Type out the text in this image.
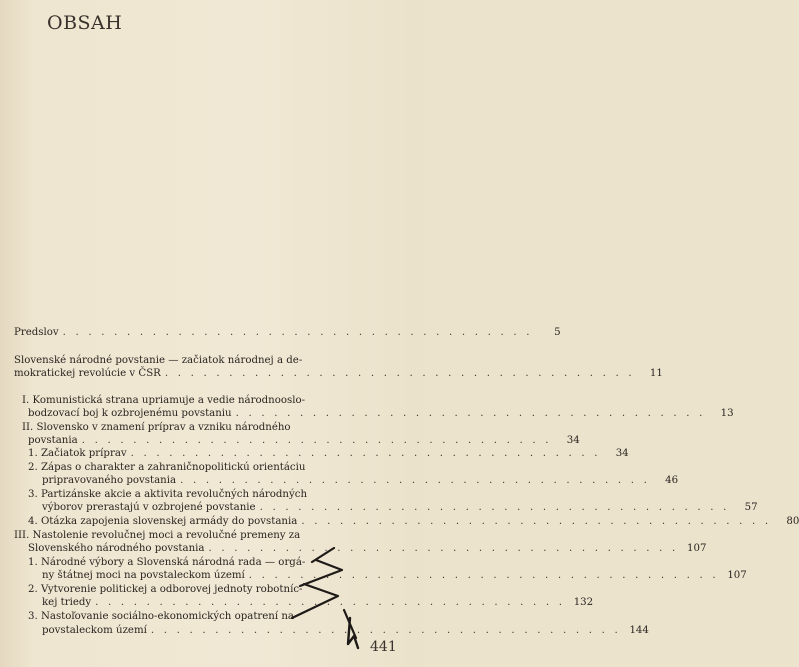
OBSAH
Predslov . . . . . . . . . . . . . . . . . . . . . . . . . . . . . . . . . . . . .	5
Slovenské národné povstanie — začiatok národnej a de-
mokratickej revolúcie v ČSR . . . . . . . . . . . . . . . . . . . . . . . . . . . . . . . . . . . . .	11
I. Komunistická strana upriamuje a vedie národnooslo-
bodzovací boj k ozbrojenému povstaniu . . . . . . . . . . . . . . . . . . . . . . . . . . . . . . . . . . . . .	13
II. Slovensko v znamení príprav a vzniku národného
povstania . . . . . . . . . . . . . . . . . . . . . . . . . . . . . . . . . . . . .	34
1. Začiatok príprav . . . . . . . . . . . . . . . . . . . . . . . . . . . . . . . . . . . . .	34
2. Zápas o charakter a zahraničnopolitickú orientáciu
pripravovaného povstania . . . . . . . . . . . . . . . . . . . . . . . . . . . . . . . . . . . . .	46
3. Partizánske akcie a aktivita revolučných národných
výborov prerastajú v ozbrojené povstanie . . . . . . . . . . . . . . . . . . . . . . . . . . . . . . . . . . . . .	57
4. Otázka zapojenia slovenskej armády do povstania . . . . . . . . . . . . . . . . . . . . . . . . . . . . . . . . . . . . .	80
III. Nastolenie revolučnej moci a revolučné premeny za
Slovenského národného povstania . . . . . . . . . . . . . . . . . . . . . . . . . . . . . . . . . . . . . 107
1. Národné výbory a Slovenská národná rada — orgá-
ny štátnej moci na povstaleckom území . . . . . . . . . . . . . . . . . . . . . . . . . . . . . . . . . . . . . 107
2. Vytvorenie politickej a odborovej jednoty robotníc-
kej triedy . . . . . . . . . . . . . . . . . . . . . . . . . . . . . . . . . . . . . 132
3. Nastoľovanie sociálno-ekonomických opatrení na
povstaleckom území . . . . . . . . . . . . . . . . . . . . . . . . . . . . . . . . . . . . . 144
441
